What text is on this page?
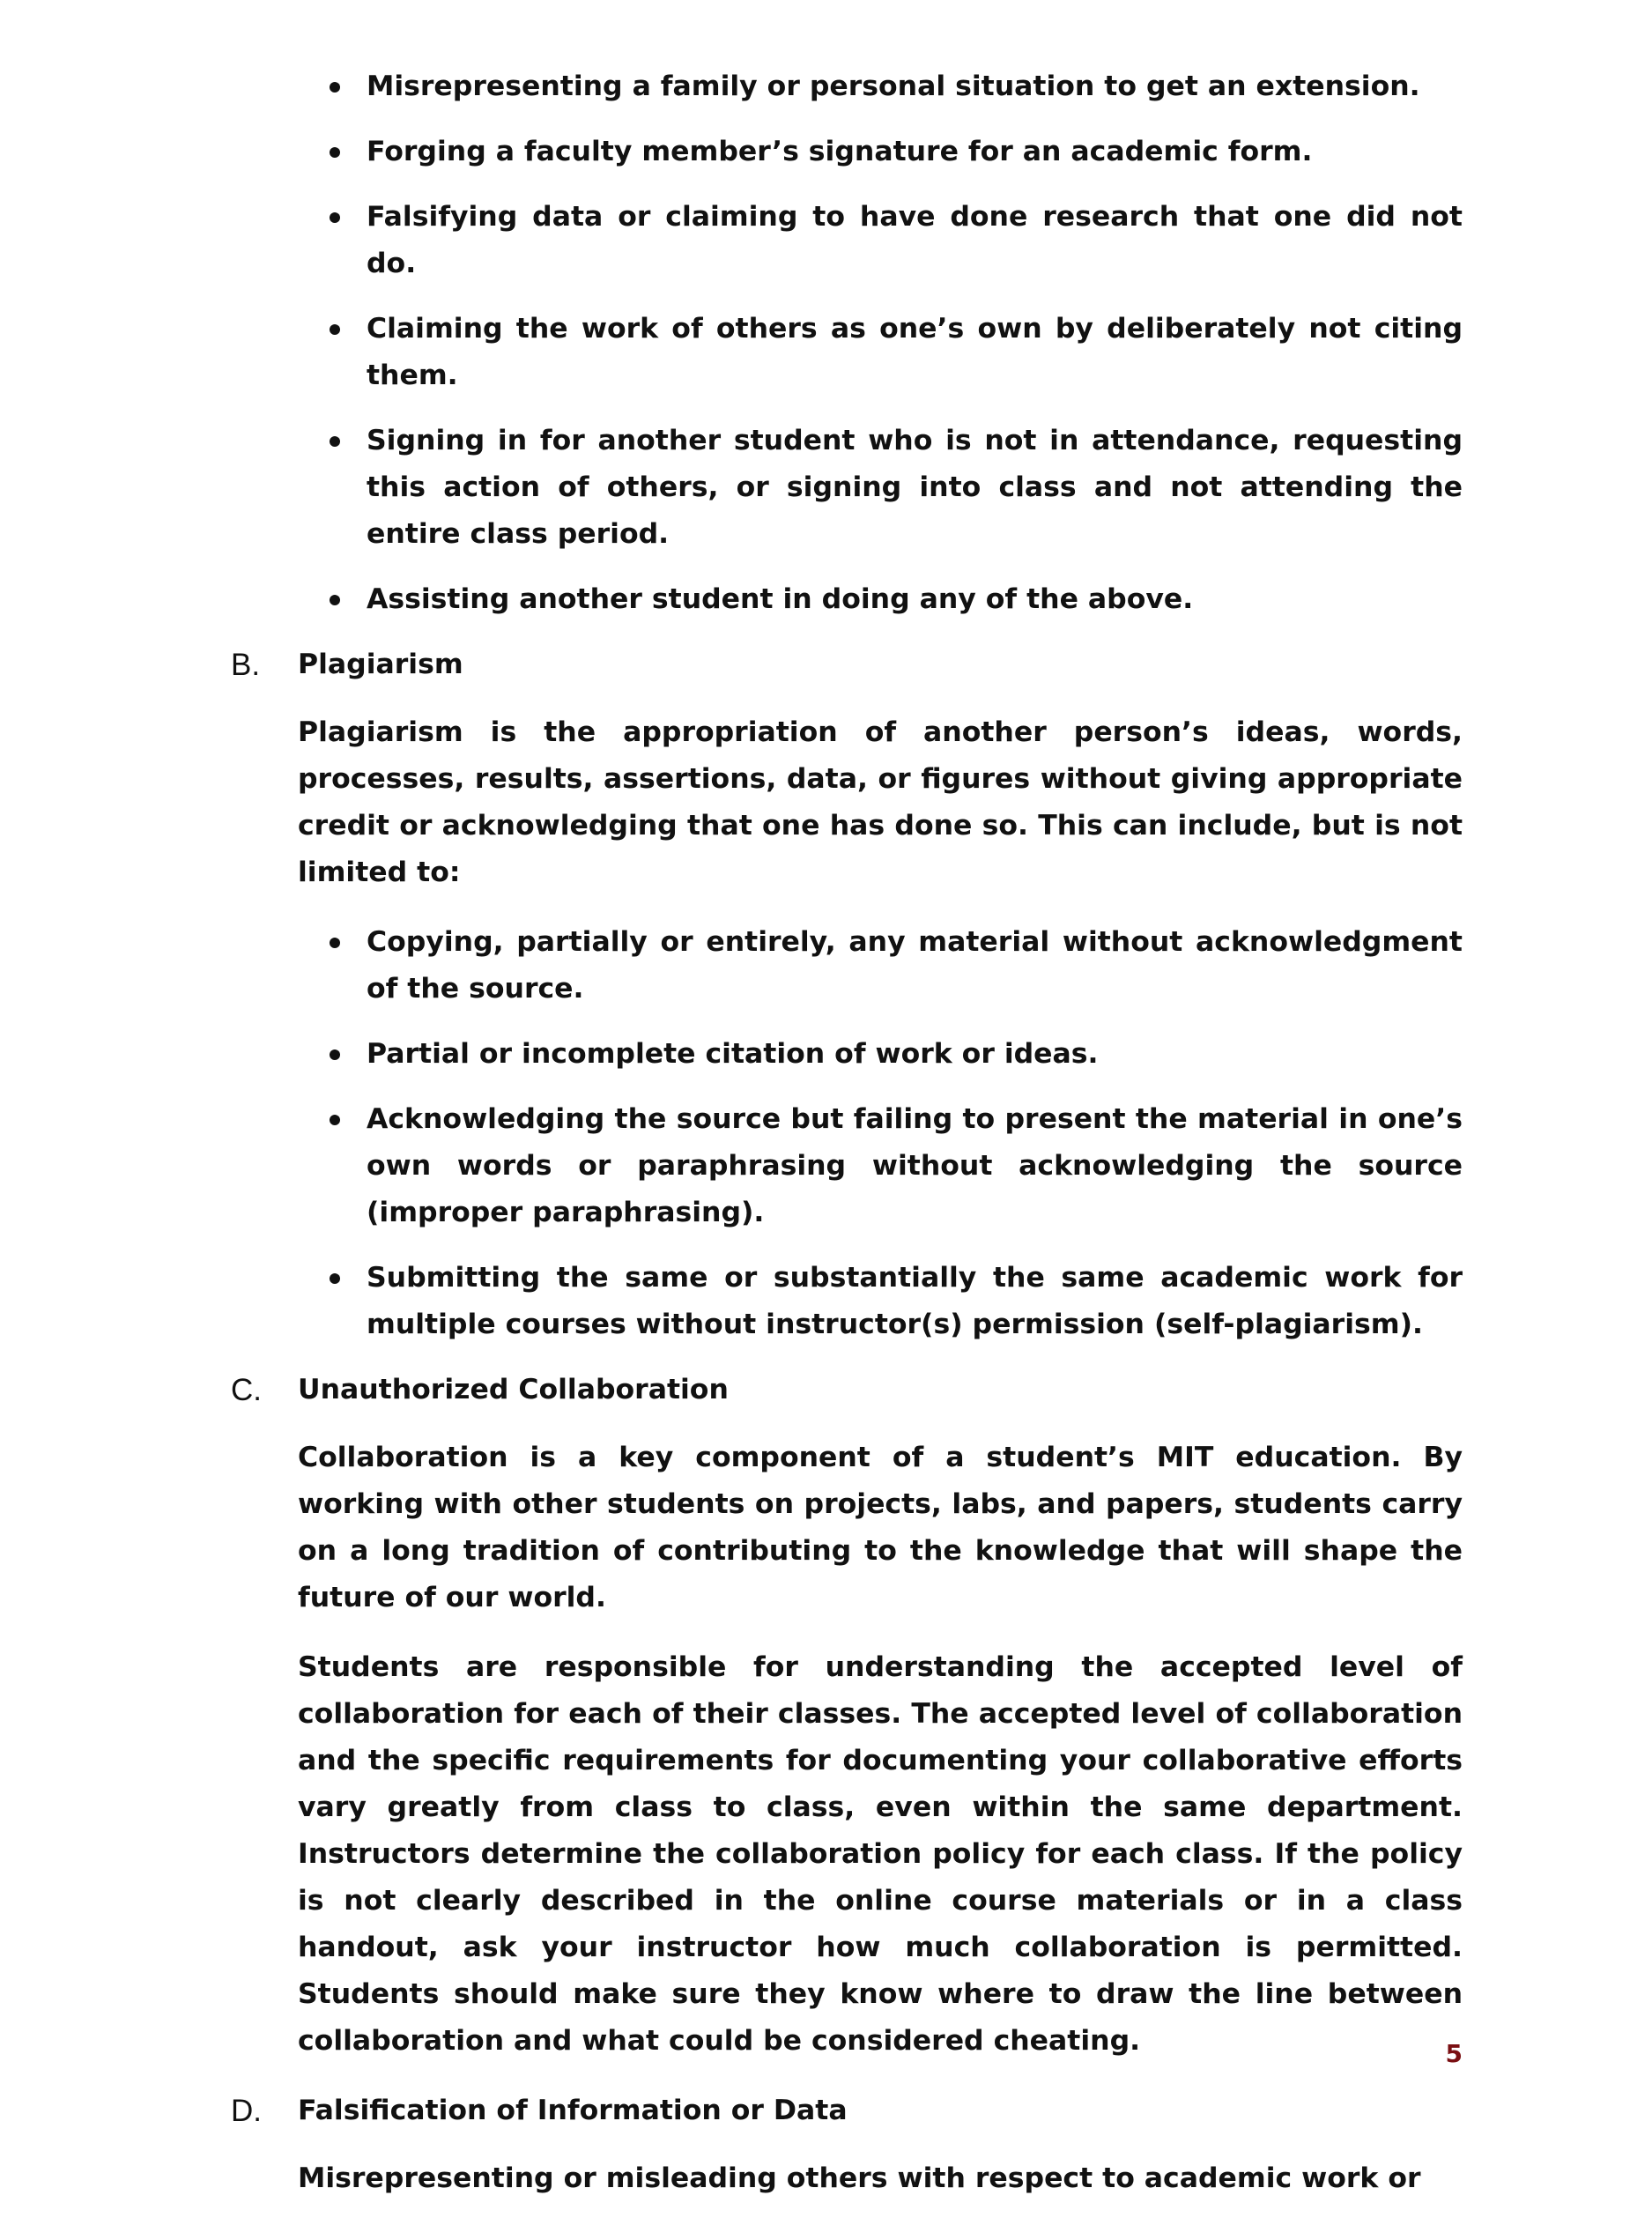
Misrepresenting a family or personal situation to get an extension.
Forging a faculty member’s signature for an academic form.
Falsifying data or claiming to have done research that one did not do.
Claiming the work of others as one’s own by deliberately not citing them.
Signing in for another student who is not in attendance, requesting this action of others, or signing into class and not attending the entire class period.
Assisting another student in doing any of the above.
B. Plagiarism

Plagiarism is the appropriation of another person’s ideas, words, processes, results, assertions, data, or figures without giving appropriate credit or acknowledging that one has done so. This can include, but is not limited to:

Copying, partially or entirely, any material without acknowledgment of the source.
Partial or incomplete citation of work or ideas.
Acknowledging the source but failing to present the material in one’s own words or paraphrasing without acknowledging the source (improper paraphrasing).
Submitting the same or substantially the same academic work for multiple courses without instructor(s) permission (self-plagiarism).
C. Unauthorized Collaboration

Collaboration is a key component of a student’s MIT education. By working with other students on projects, labs, and papers, students carry on a long tradition of contributing to the knowledge that will shape the future of our world.

Students are responsible for understanding the accepted level of collaboration for each of their classes. The accepted level of collaboration and the specific requirements for documenting your collaborative efforts vary greatly from class to class, even within the same department. Instructors determine the collaboration policy for each class. If the policy is not clearly described in the online course materials or in a class handout, ask your instructor how much collaboration is permitted. Students should make sure they know where to draw the line between collaboration and what could be considered cheating.

D. Falsification of Information or Data

Misrepresenting or misleading others with respect to academic work or

5
